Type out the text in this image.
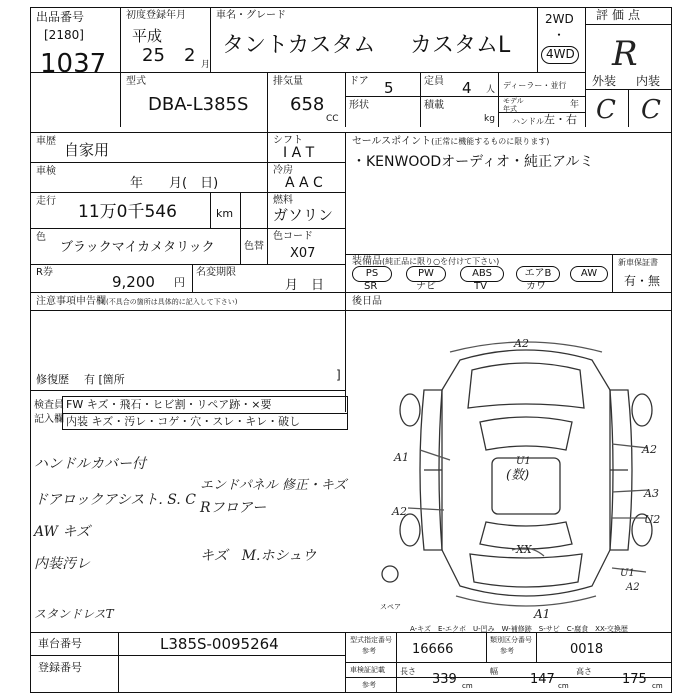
出品番号
[2180]
1037
初度登録年月
平成
25 2 月
車名・グレード
タントカスタム カスタムL
2WD
・
4WD
評価点
R
外装 内装
C C
型式
DBA-L385S
排気量
658
CC
ドア 5	定員 4 人
形状	積載
kg
ディーラー・並行
モデル年式	年
ハンドル 左・右
車歴 自家用
シフト
I A T
車検
年　　月(　日)
冷房
A A C
走行
11万0千546	km
燃料
ガソリン
色
ブラックマイカメタリック	色替
色コード
X07
R券
9,200 円
名変期限
月　日
セールスポイント(正常に機能するものに限ります)
・KENWOODオーディオ・純正アルミ
装備品(純正品に限り○を付けて下さい)
PS	PW	ABS	エアB	AW
SR	ナビ	TV	カワ
新車保証書
有・無
後日品
注意事項申告欄(不具合の箇所は具体的に記入して下さい)
修復歴 有 [箇所	]
検査員
記入欄
FW キズ・飛石・ヒビ割・リペア跡・×要
内装 キズ・汚レ・コゲ・穴・スレ・キレ・破し
ハンドルカバー付
ドアロックアシスト. S. C
AW キズ
内装汚レ
エンドパネル 修正・キズ
Rフロアー
キズ　M.ホシュウ
スタンドレスT
A2
A1
A2
A3
A2
U2
U1
A2
A1
U1
(数)
XX
スペア
A-キズ　E-エクボ　U-凹み　W-補修跡　S-サビ　C-腐食　XX-交換歴
車台番号	L385S-0095264
登録番号
型式指定番号
参考	16666
類別区分番号
参考	0018
車検証記載
参考
長さ
339 cm
幅
147 cm
高さ
175 cm
